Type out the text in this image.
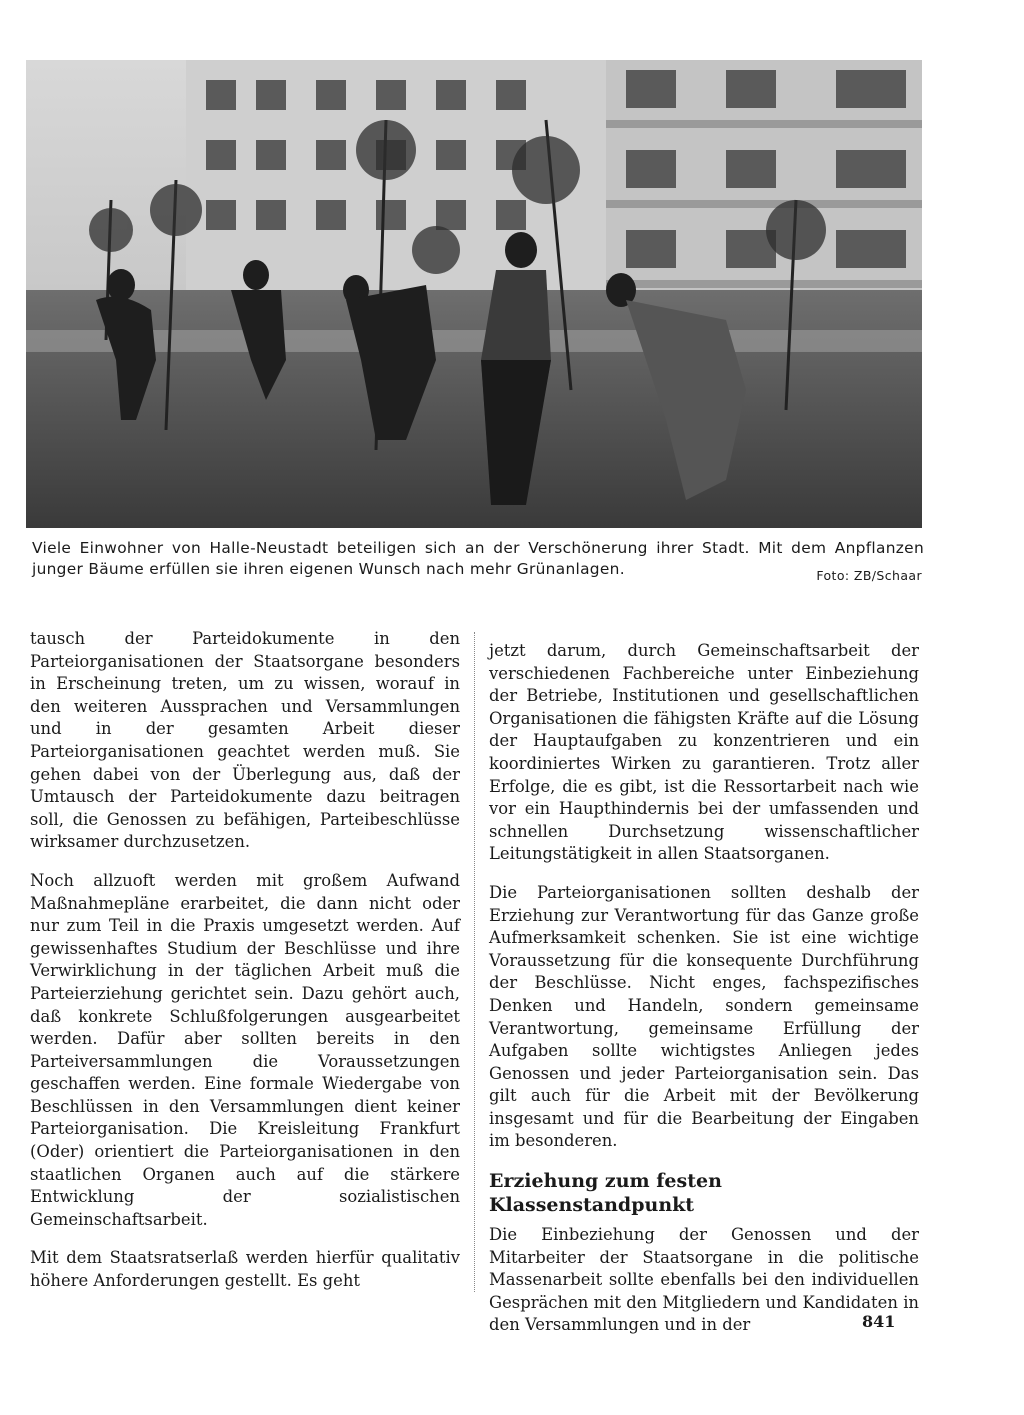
Viele Einwohner von Halle-Neustadt beteiligen sich an der Verschönerung ihrer Stadt. Mit dem Anpflanzen junger Bäume erfüllen sie ihren eigenen Wunsch nach mehr Grünanlagen.	Foto: ZB/Schaar

tausch der Parteidokumente in den Parteiorganisationen der Staatsorgane besonders in Erscheinung treten, um zu wissen, worauf in den weiteren Aussprachen und Versammlungen und in der gesamten Arbeit dieser Parteiorganisationen geachtet werden muß. Sie gehen dabei von der Überlegung aus, daß der Umtausch der Parteidokumente dazu beitragen soll, die Genossen zu befähigen, Parteibeschlüsse wirksamer durchzusetzen.

Noch allzuoft werden mit großem Aufwand Maßnahmepläne erarbeitet, die dann nicht oder nur zum Teil in die Praxis umgesetzt werden. Auf gewissenhaftes Studium der Beschlüsse und ihre Verwirklichung in der täglichen Arbeit muß die Parteierziehung gerichtet sein. Dazu gehört auch, daß konkrete Schlußfolgerungen ausgearbeitet werden. Dafür aber sollten bereits in den Parteiversammlungen die Voraussetzungen geschaffen werden. Eine formale Wiedergabe von Beschlüssen in den Versammlungen dient keiner Parteiorganisation. Die Kreisleitung Frankfurt (Oder) orientiert die Parteiorganisationen in den staatlichen Organen auch auf die stärkere Entwicklung der sozialistischen Gemeinschaftsarbeit.

Mit dem Staatsratserlaß werden hierfür qualitativ höhere Anforderungen gestellt. Es geht

jetzt darum, durch Gemeinschaftsarbeit der verschiedenen Fachbereiche unter Einbeziehung der Betriebe, Institutionen und gesellschaftlichen Organisationen die fähigsten Kräfte auf die Lösung der Hauptaufgaben zu konzentrieren und ein koordiniertes Wirken zu garantieren. Trotz aller Erfolge, die es gibt, ist die Ressortarbeit nach wie vor ein Haupthindernis bei der umfassenden und schnellen Durchsetzung wissenschaftlicher Leitungstätigkeit in allen Staatsorganen.

Die Parteiorganisationen sollten deshalb der Erziehung zur Verantwortung für das Ganze große Aufmerksamkeit schenken. Sie ist eine wichtige Voraussetzung für die konsequente Durchführung der Beschlüsse. Nicht enges, fachspezifisches Denken und Handeln, sondern gemeinsame Verantwortung, gemeinsame Erfüllung der Aufgaben sollte wichtigstes Anliegen jedes Genossen und jeder Parteiorganisation sein. Das gilt auch für die Arbeit mit der Bevölkerung insgesamt und für die Bearbeitung der Eingaben im besonderen.

Erziehung zum festen Klassenstandpunkt

Die Einbeziehung der Genossen und der Mitarbeiter der Staatsorgane in die politische Massenarbeit sollte ebenfalls bei den individuellen Gesprächen mit den Mitgliedern und Kandidaten in den Versammlungen und in der	841
